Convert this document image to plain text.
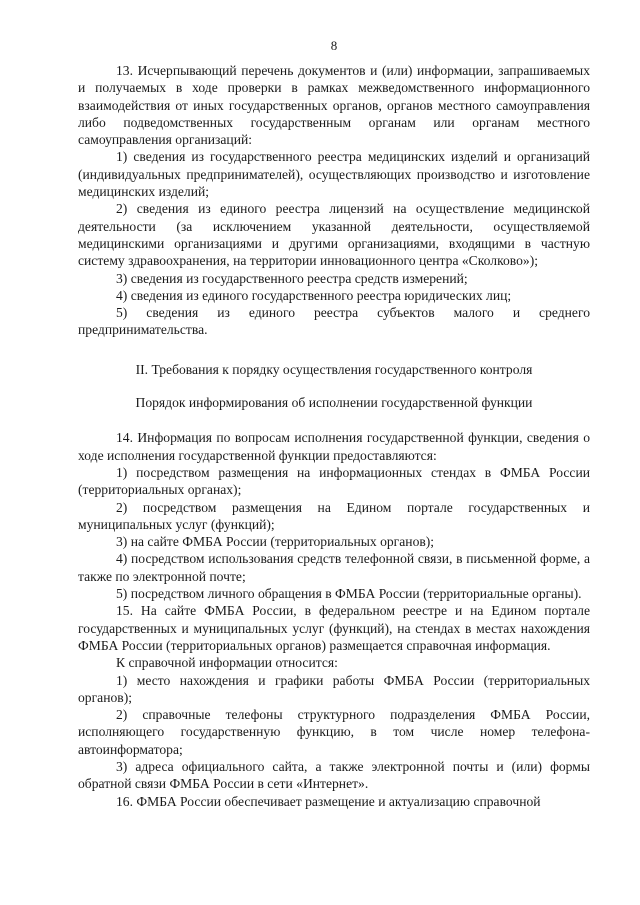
8

13. Исчерпывающий перечень документов и (или) информации, запрашиваемых и получаемых в ходе проверки в рамках межведомственного информационного взаимодействия от иных государственных органов, органов местного самоуправления либо подведомственных государственным органам или органам местного самоуправления организаций:

1) сведения из государственного реестра медицинских изделий и организаций (индивидуальных предпринимателей), осуществляющих производство и изготовление медицинских изделий;

2) сведения из единого реестра лицензий на осуществление медицинской деятельности (за исключением указанной деятельности, осуществляемой медицинскими организациями и другими организациями, входящими в частную систему здравоохранения, на территории инновационного центра «Сколково»);

3) сведения из государственного реестра средств измерений;

4) сведения из единого государственного реестра юридических лиц;

5) сведения из единого реестра субъектов малого и среднего предпринимательства.

II. Требования к порядку осуществления государственного контроля

Порядок информирования об исполнении государственной функции

14. Информация по вопросам исполнения государственной функции, сведения о ходе исполнения государственной функции предоставляются:

1) посредством размещения на информационных стендах в ФМБА России (территориальных органах);

2) посредством размещения на Едином портале государственных и муниципальных услуг (функций);

3) на сайте ФМБА России (территориальных органов);

4) посредством использования средств телефонной связи, в письменной форме, а также по электронной почте;

5) посредством личного обращения в ФМБА России (территориальные органы).

15. На сайте ФМБА России, в федеральном реестре и на Едином портале государственных и муниципальных услуг (функций), на стендах в местах нахождения ФМБА России (территориальных органов) размещается справочная информация.

К справочной информации относится:

1) место нахождения и графики работы ФМБА России (территориальных органов);

2) справочные телефоны структурного подразделения ФМБА России, исполняющего государственную функцию, в том числе номер телефона-автоинформатора;

3) адреса официального сайта, а также электронной почты и (или) формы обратной связи ФМБА России в сети «Интернет».

16. ФМБА России обеспечивает размещение и актуализацию справочной
